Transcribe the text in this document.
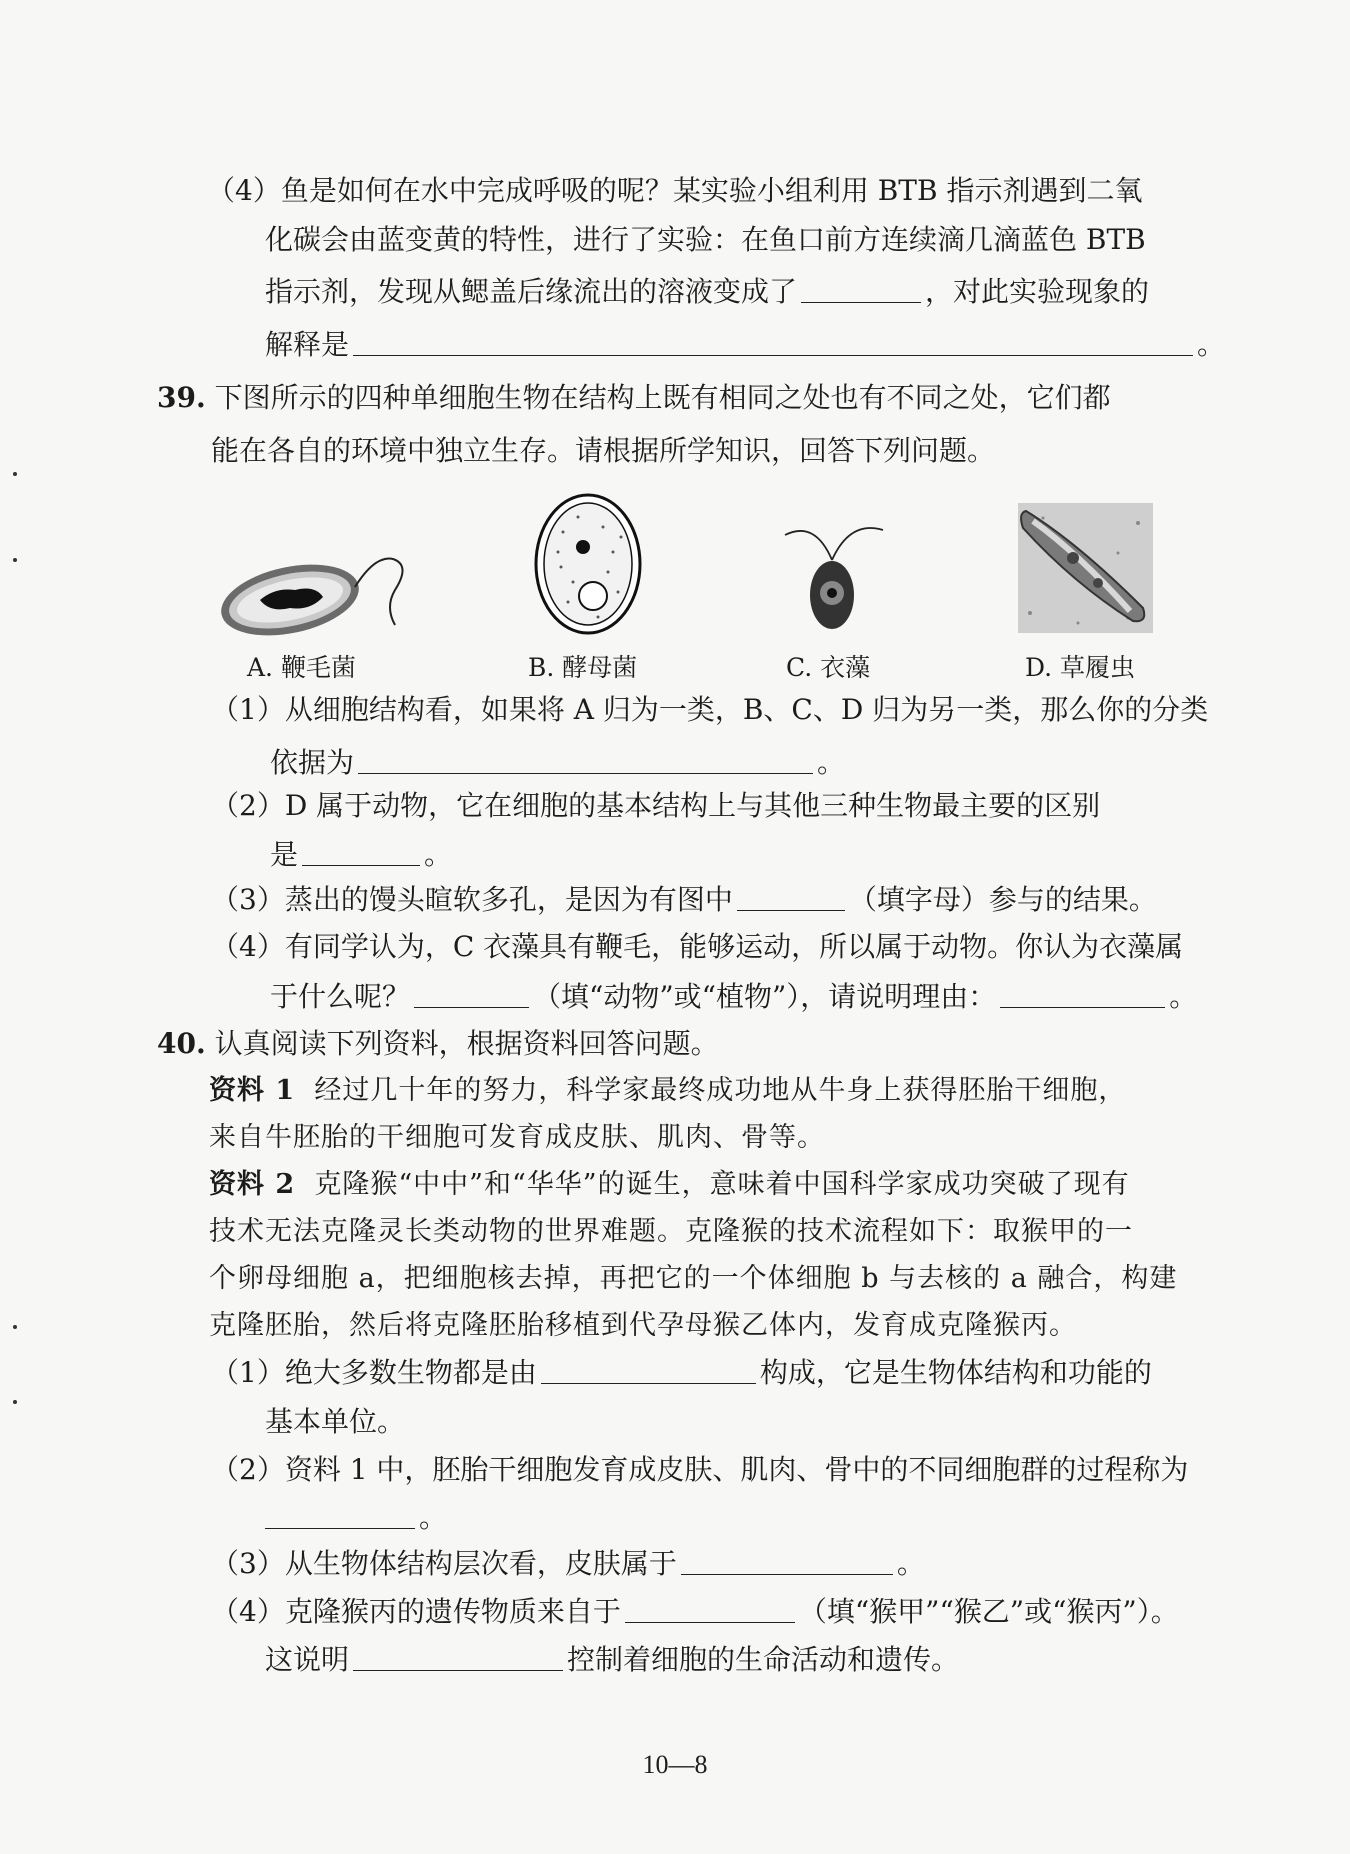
（4）鱼是如何在水中完成呼吸的呢？某实验小组利用 BTB 指示剂遇到二氧
化碳会由蓝变黄的特性，进行了实验：在鱼口前方连续滴几滴蓝色 BTB
指示剂，发现从鳃盖后缘流出的溶液变成了	，对此实验现象的
解释是	。
39. 下图所示的四种单细胞生物在结构上既有相同之处也有不同之处，它们都
能在各自的环境中独立生存。请根据所学知识，回答下列问题。
A. 鞭毛菌	B. 酵母菌	C. 衣藻	D. 草履虫
（1）从细胞结构看，如果将 A 归为一类，B、C、D 归为另一类，那么你的分类
依据为	。
（2）D 属于动物，它在细胞的基本结构上与其他三种生物最主要的区别
是	。
（3）蒸出的馒头暄软多孔，是因为有图中	（填字母）参与的结果。
（4）有同学认为，C 衣藻具有鞭毛，能够运动，所以属于动物。你认为衣藻属
于什么呢？	（填“动物”或“植物”），请说明理由：	。
40. 认真阅读下列资料，根据资料回答问题。
资料 1 经过几十年的努力，科学家最终成功地从牛身上获得胚胎干细胞，
来自牛胚胎的干细胞可发育成皮肤、肌肉、骨等。
资料 2 克隆猴“中中”和“华华”的诞生，意味着中国科学家成功突破了现有
技术无法克隆灵长类动物的世界难题。克隆猴的技术流程如下：取猴甲的一
个卵母细胞 a，把细胞核去掉，再把它的一个体细胞 b 与去核的 a 融合，构建
克隆胚胎，然后将克隆胚胎移植到代孕母猴乙体内，发育成克隆猴丙。
（1）绝大多数生物都是由	构成，它是生物体结构和功能的
基本单位。
（2）资料 1 中，胚胎干细胞发育成皮肤、肌肉、骨中的不同细胞群的过程称为
。
（3）从生物体结构层次看，皮肤属于	。
（4）克隆猴丙的遗传物质来自于	（填“猴甲”“猴乙”或“猴丙”）。
这说明	控制着细胞的生命活动和遗传。
10—8
